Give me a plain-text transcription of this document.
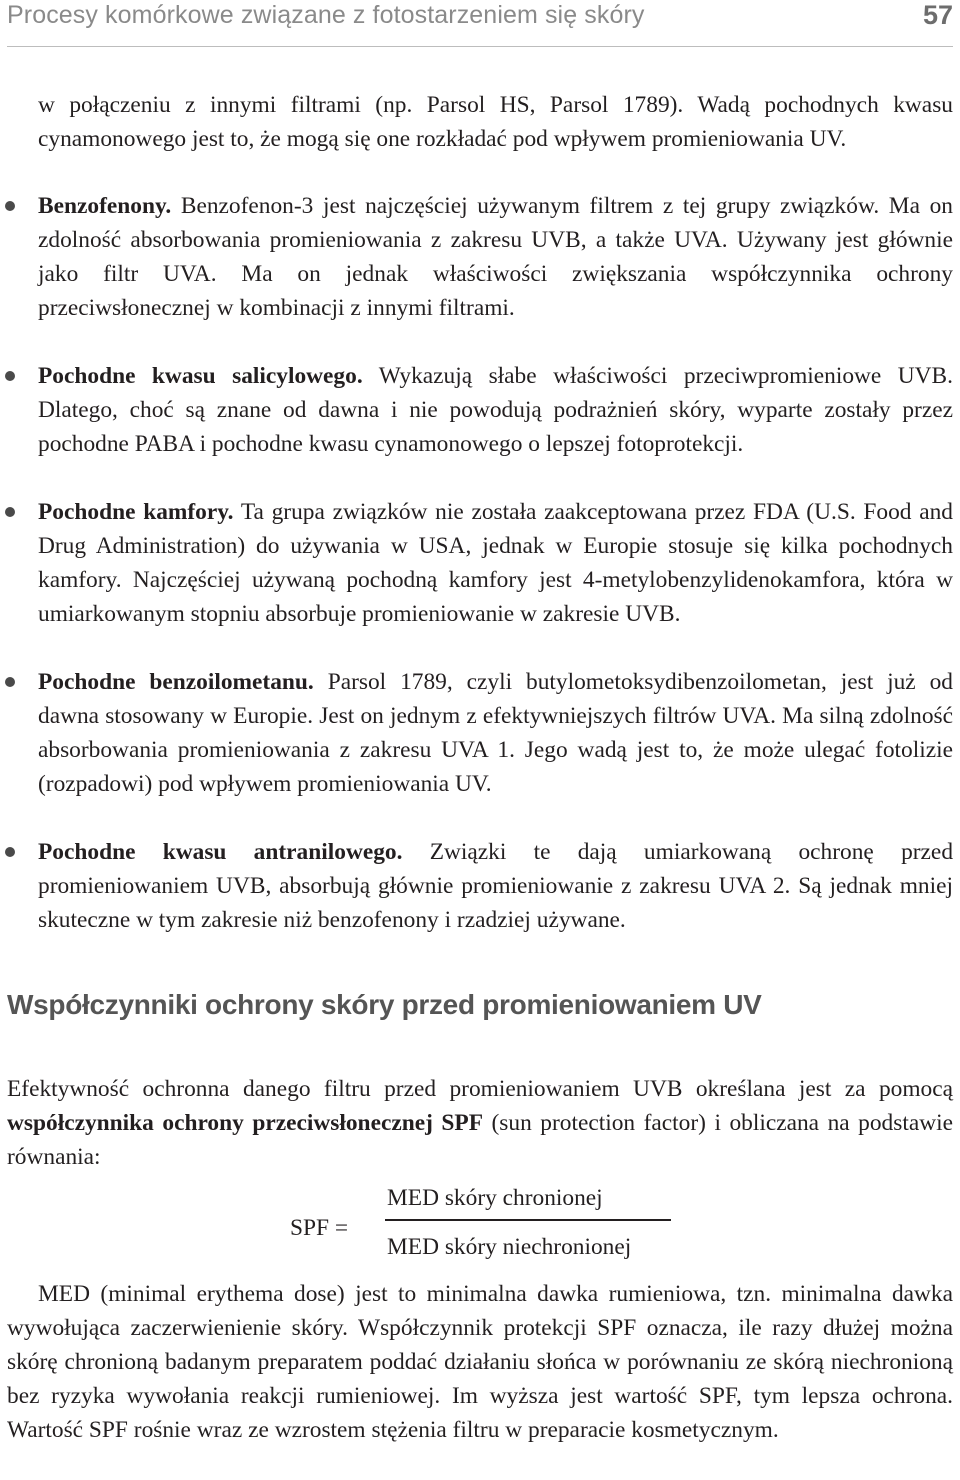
Procesy komórkowe związane z fotostarzeniem się skóry	57

w połączeniu z innymi filtrami (np. Parsol HS, Parsol 1789). Wadą pochodnych kwasu cynamonowego jest to, że mogą się one rozkładać pod wpływem promieniowania UV.

Benzofenony. Benzofenon-3 jest najczęściej używanym filtrem z tej grupy związków. Ma on zdolność absorbowania promieniowania z zakresu UVB, a także UVA. Używany jest głównie jako filtr UVA. Ma on jednak właściwości zwiększania współczynnika ochrony przeciwsłonecznej w kombinacji z innymi filtrami.

Pochodne kwasu salicylowego. Wykazują słabe właściwości przeciwpromieniowe UVB. Dlatego, choć są znane od dawna i nie powodują podrażnień skóry, wyparte zostały przez pochodne PABA i pochodne kwasu cynamonowego o lepszej fotoprotekcji.

Pochodne kamfory. Ta grupa związków nie została zaakceptowana przez FDA (U.S. Food and Drug Administration) do używania w USA, jednak w Europie stosuje się kilka pochodnych kamfory. Najczęściej używaną pochodną kamfory jest 4-metylobenzylidenokamfora, która w umiarkowanym stopniu absorbuje promieniowanie w zakresie UVB.

Pochodne benzoilometanu. Parsol 1789, czyli butylometoksydibenzoilometan, jest już od dawna stosowany w Europie. Jest on jednym z efektywniejszych filtrów UVA. Ma silną zdolność absorbowania promieniowania z zakresu UVA 1. Jego wadą jest to, że może ulegać fotolizie (rozpadowi) pod wpływem promieniowania UV.

Pochodne kwasu antranilowego. Związki te dają umiarkowaną ochronę przed promieniowaniem UVB, absorbują głównie promieniowanie z zakresu UVA 2. Są jednak mniej skuteczne w tym zakresie niż benzofenony i rzadziej używane.

Współczynniki ochrony skóry przed promieniowaniem UV

Efektywność ochronna danego filtru przed promieniowaniem UVB określana jest za pomocą współczynnika ochrony przeciwsłonecznej SPF (sun protection factor) i obliczana na podstawie równania:

SPF =
MED skóry chronionej
MED skóry niechronionej

MED (minimal erythema dose) jest to minimalna dawka rumieniowa, tzn. minimalna dawka wywołująca zaczerwienienie skóry. Współczynnik protekcji SPF oznacza, ile razy dłużej można skórę chronioną badanym preparatem poddać działaniu słońca w porównaniu ze skórą niechronioną bez ryzyka wywołania reakcji rumieniowej. Im wyższa jest wartość SPF, tym lepsza ochrona. Wartość SPF rośnie wraz ze wzrostem stężenia filtru w preparacie kosmetycznym.
